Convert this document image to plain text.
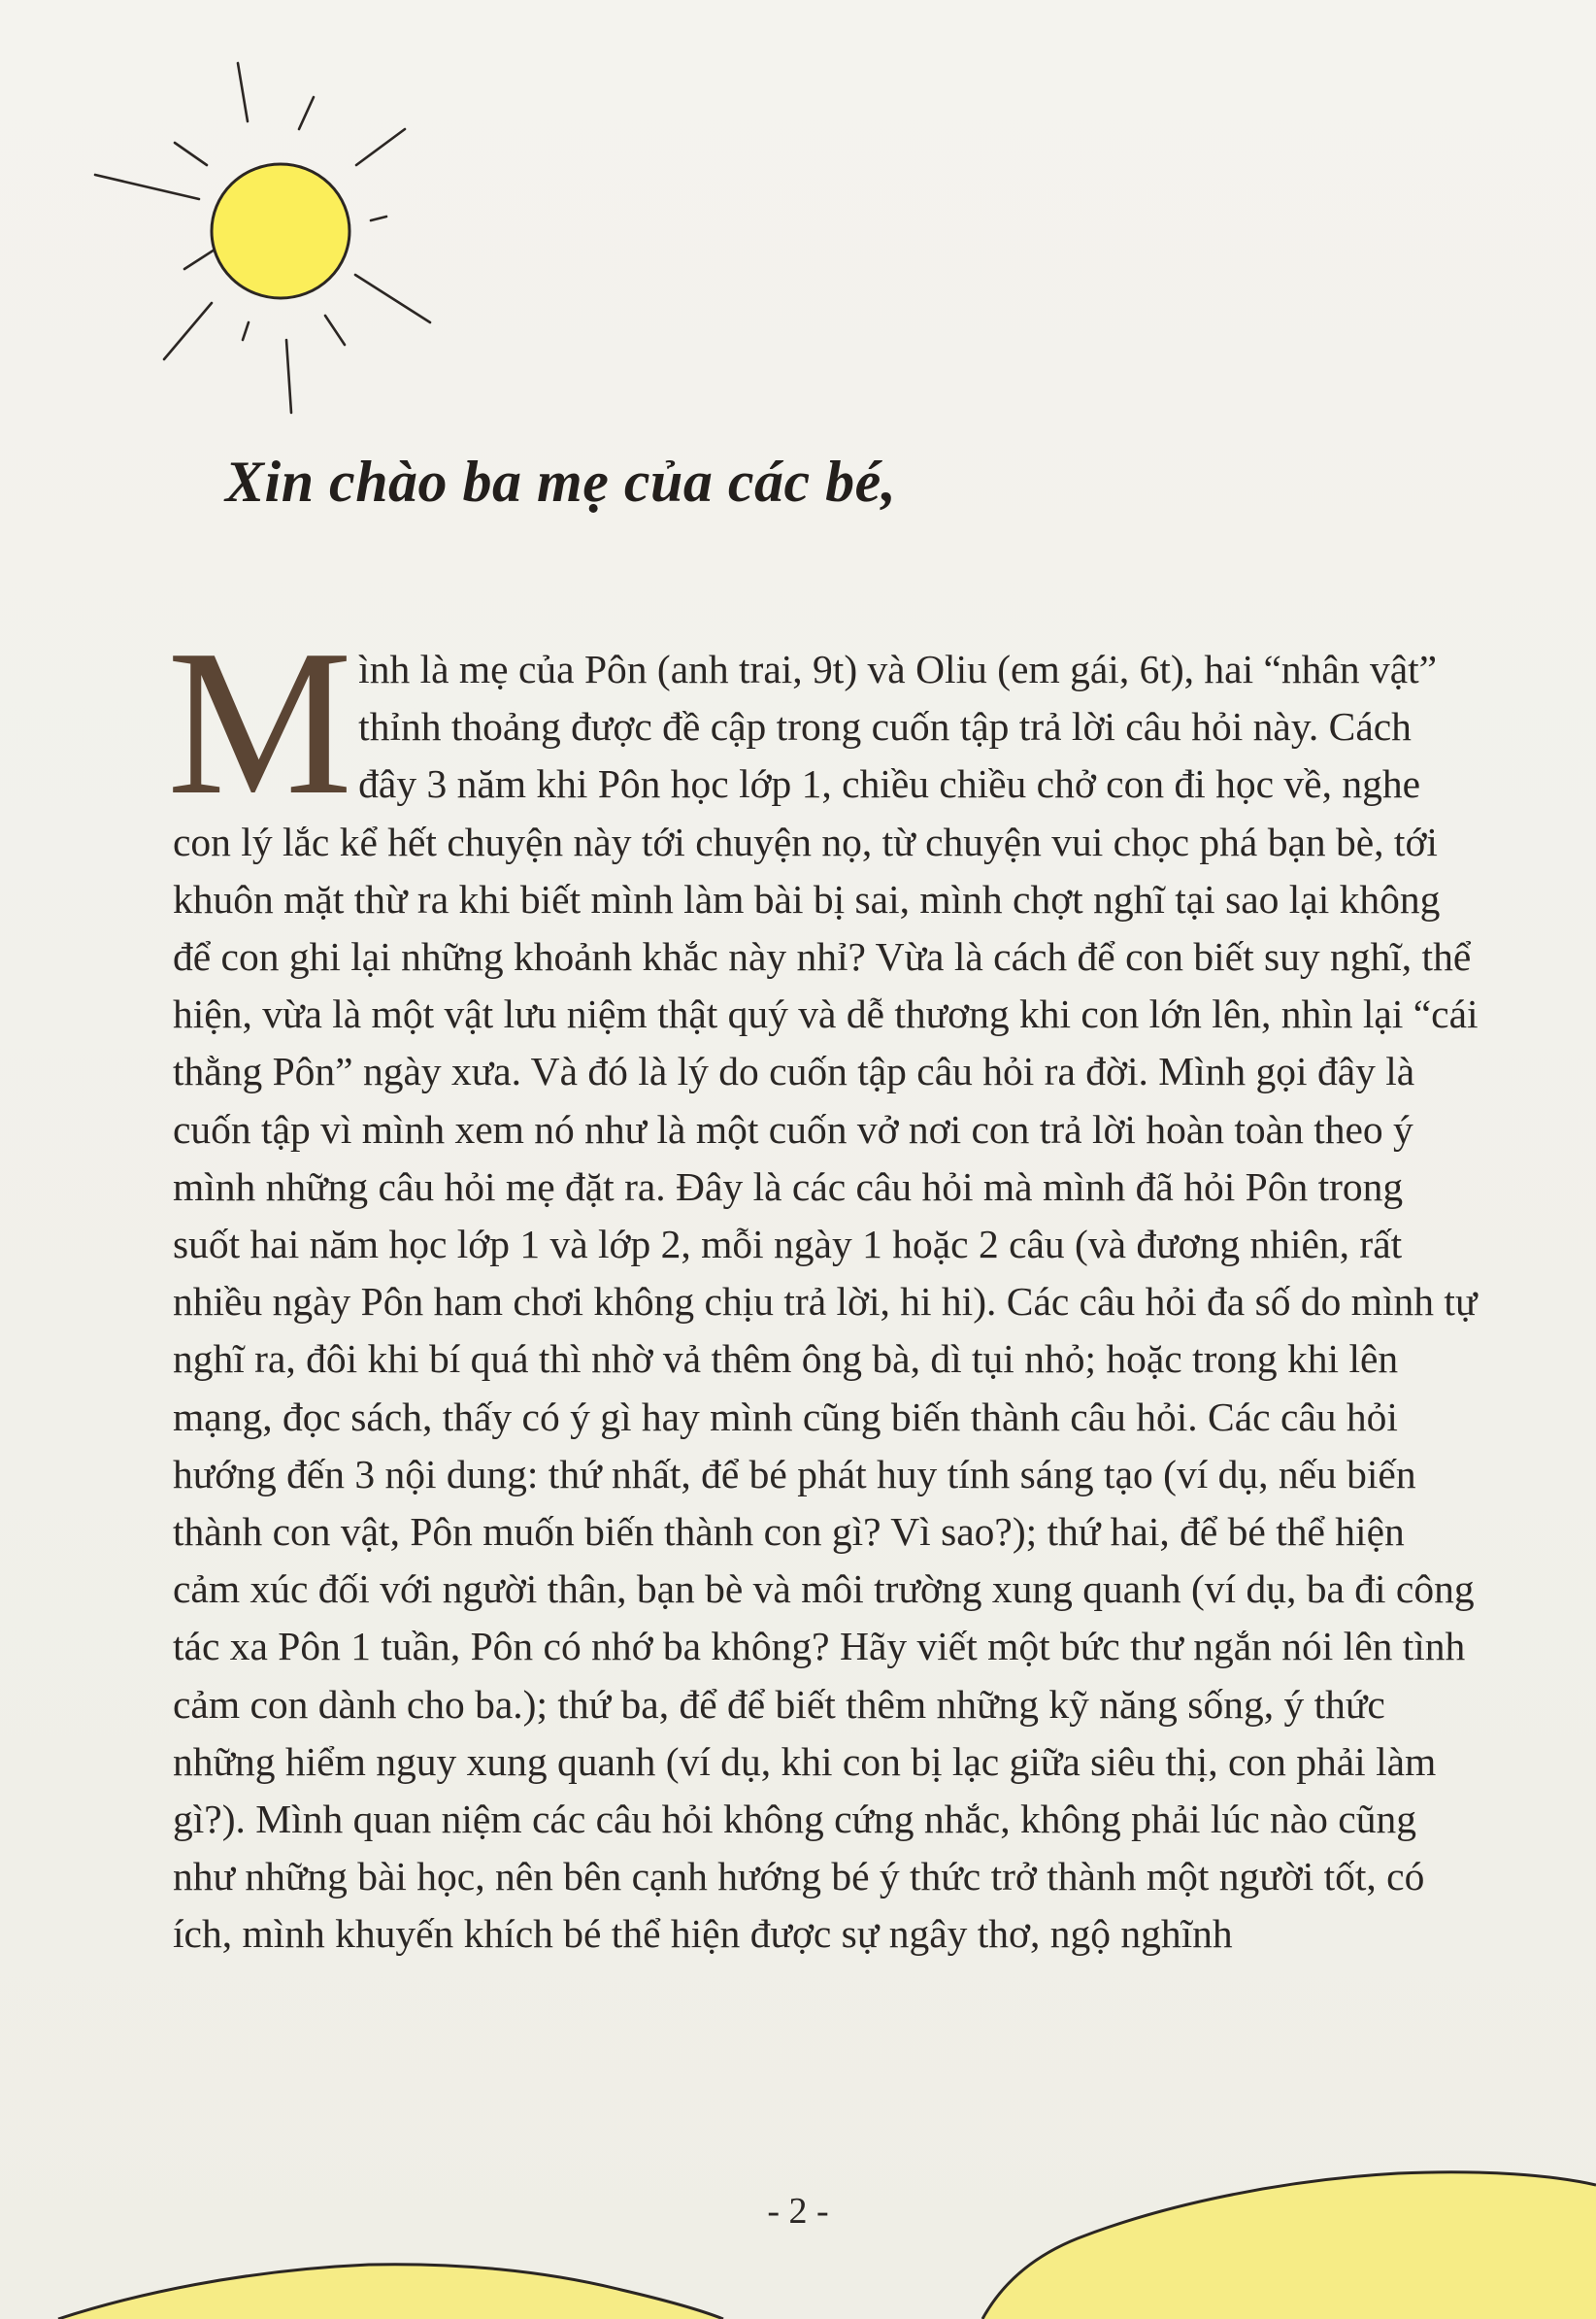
Xin chào ba mẹ của các bé,
M ình là mẹ của Pôn (anh trai, 9t) và Oliu (em gái, 6t), hai “nhân vật” thỉnh thoảng được đề cập trong cuốn tập trả lời câu hỏi này. Cách đây 3 năm khi Pôn học lớp 1, chiều chiều chở con đi học về, nghe con lý lắc kể hết chuyện này tới chuyện nọ, từ chuyện vui chọc phá bạn bè, tới khuôn mặt thừ ra khi biết mình làm bài bị sai, mình chợt nghĩ tại sao lại không để con ghi lại những khoảnh khắc này nhỉ? Vừa là cách để con biết suy nghĩ, thể hiện, vừa là một vật lưu niệm thật quý và dễ thương khi con lớn lên, nhìn lại “cái thằng Pôn” ngày xưa. Và đó là lý do cuốn tập câu hỏi ra đời. Mình gọi đây là cuốn tập vì mình xem nó như là một cuốn vở nơi con trả lời hoàn toàn theo ý mình những câu hỏi mẹ đặt ra. Đây là các câu hỏi mà mình đã hỏi Pôn trong suốt hai năm học lớp 1 và lớp 2, mỗi ngày 1 hoặc 2 câu (và đương nhiên, rất nhiều ngày Pôn ham chơi không chịu trả lời, hi hi). Các câu hỏi đa số do mình tự nghĩ ra, đôi khi bí quá thì nhờ vả thêm ông bà, dì tụi nhỏ; hoặc trong khi lên mạng, đọc sách, thấy có ý gì hay mình cũng biến thành câu hỏi. Các câu hỏi hướng đến 3 nội dung: thứ nhất, để bé phát huy tính sáng tạo (ví dụ, nếu biến thành con vật, Pôn muốn biến thành con gì? Vì sao?); thứ hai, để bé thể hiện cảm xúc đối với người thân, bạn bè và môi trường xung quanh (ví dụ, ba đi công tác xa Pôn 1 tuần, Pôn có nhớ ba không? Hãy viết một bức thư ngắn nói lên tình cảm con dành cho ba.); thứ ba, để để biết thêm những kỹ năng sống, ý thức những hiểm nguy xung quanh (ví dụ, khi con bị lạc giữa siêu thị, con phải làm gì?). Mình quan niệm các câu hỏi không cứng nhắc, không phải lúc nào cũng như những bài học, nên bên cạnh hướng bé ý thức trở thành một người tốt, có ích, mình khuyến khích bé thể hiện được sự ngây thơ, ngộ nghĩnh
- 2 -
